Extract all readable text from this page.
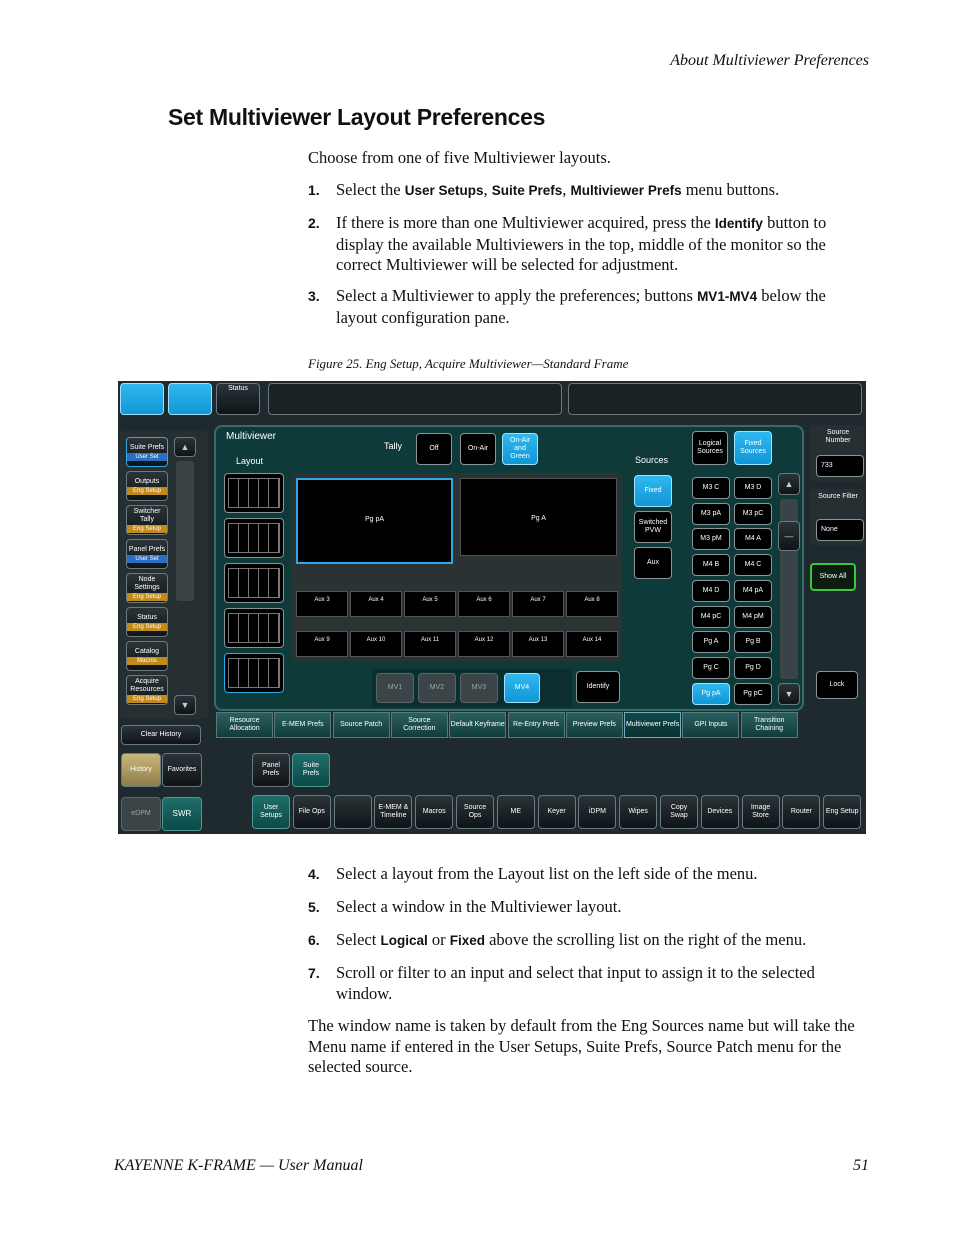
About Multiviewer Preferences
Set Multiviewer Layout Preferences
Choose from one of five Multiviewer layouts.
1. Select the User Setups, Suite Prefs, Multiviewer Prefs menu buttons.
2. If there is more than one Multiviewer acquired, press the Identify button to display the available Multiviewers in the top, middle of the monitor so the correct Multiviewer will be selected for adjustment.
3. Select a Multiviewer to apply the preferences; buttons MV1-MV4 below the layout configuration pane.
Figure 25. Eng Setup, Acquire Multiviewer—Standard Frame
Status
▲
▼
Clear History
History Favorites
eDPM	SWR
Multiviewer
Layout
Tally	Off	On-Air
On-Air and Green
Logical Sources
Fixed Sources
Sources
Pg pA	Pg A
MV1	MV2	MV3	MV4	Identify
Fixed
Switched PVW
Aux
▲
—
▼
Source Number
733
Source Filter
None
Show All
Lock
Panel Prefs
Suite Prefs
Suite Prefs
User Set
Outputs
Eng Setup
Switcher Tally
Eng Setup
Panel Prefs
User Set
Node Settings
Eng Setup
Status
Eng Setup
Catalog
Macros
Acquire Resources
Eng Setup
Aux 3	Aux 4	Aux 5	Aux 6	Aux 7	Aux 8
Aux 9	Aux 10	Aux 11	Aux 12	Aux 13	Aux 14
M3 C	M3 D
M3 pA	M3 pC
M3 pM	M4 A
M4 B	M4 C
M4 D	M4 pA
M4 pC	M4 pM
Pg A	Pg B
Pg C	Pg D
Pg pA	Pg pC
Resource Allocation
E-MEM Prefs Source Patch
Source Correction
Default Keyframe Re-Entry Prefs Preview Prefs Multiviewer Prefs GPI Inputs
Transition Chaining
User Setups
File Ops
E-MEM & Timeline
Macros
Source Ops
ME	Keyer	iDPM	Wipes
Copy Swap
Devices
Image Store
Router Eng Setup
4. Select a layout from the Layout list on the left side of the menu.
5. Select a window in the Multiviewer layout.
6. Select Logical or Fixed above the scrolling list on the right of the menu.
7. Scroll or filter to an input and select that input to assign it to the selected window.
The window name is taken by default from the Eng Sources name but will take the Menu name if entered in the User Setups, Suite Prefs, Source Patch menu for the selected source.
KAYENNE K-FRAME — User Manual	51
